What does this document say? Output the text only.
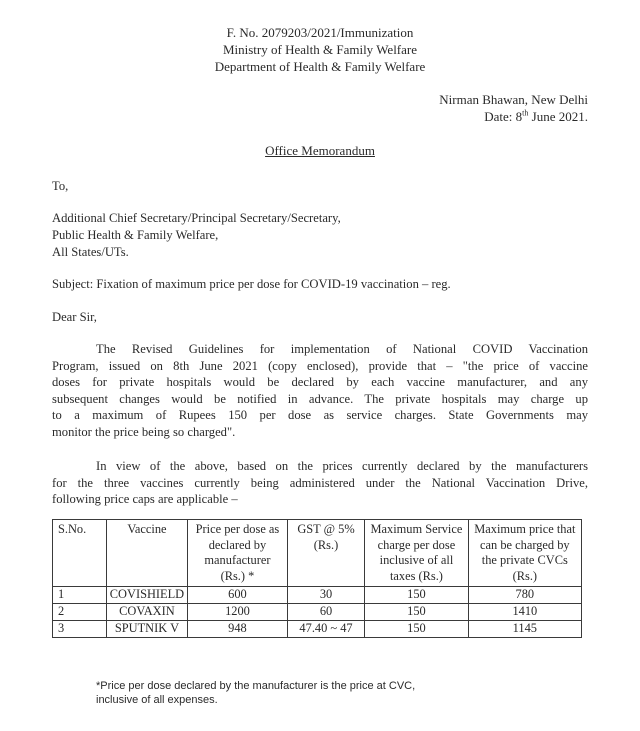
F. No. 2079203/2021/Immunization
Ministry of Health & Family Welfare
Department of Health & Family Welfare
Nirman Bhawan, New Delhi
Date: 8th June 2021.
Office Memorandum
To,
Additional Chief Secretary/Principal Secretary/Secretary,
Public Health & Family Welfare,
All States/UTs.
Subject: Fixation of maximum price per dose for COVID-19 vaccination – reg.
Dear Sir,
The Revised Guidelines for implementation of National COVID Vaccination
Program, issued on 8th June 2021 (copy enclosed), provide that – "the price of vaccine
doses for private hospitals would be declared by each vaccine manufacturer, and any
subsequent changes would be notified in advance. The private hospitals may charge up
to a maximum of Rupees 150 per dose as service charges. State Governments may
monitor the price being so charged".
In view of the above, based on the prices currently declared by the manufacturers
for the three vaccines currently being administered under the National Vaccination Drive,
following price caps are applicable –
S.No.	Vaccine	Price per dose as declared by manufacturer (Rs.) *	GST @ 5% (Rs.)	Maximum Service charge per dose inclusive of all taxes (Rs.)	Maximum price that can be charged by the private CVCs (Rs.)
1	COVISHIELD	600	30	150	780
2	COVAXIN	1200	60	150	1410
3	SPUTNIK V	948	47.40 ~ 47	150	1145
*Price per dose declared by the manufacturer is the price at CVC,
inclusive of all expenses.
